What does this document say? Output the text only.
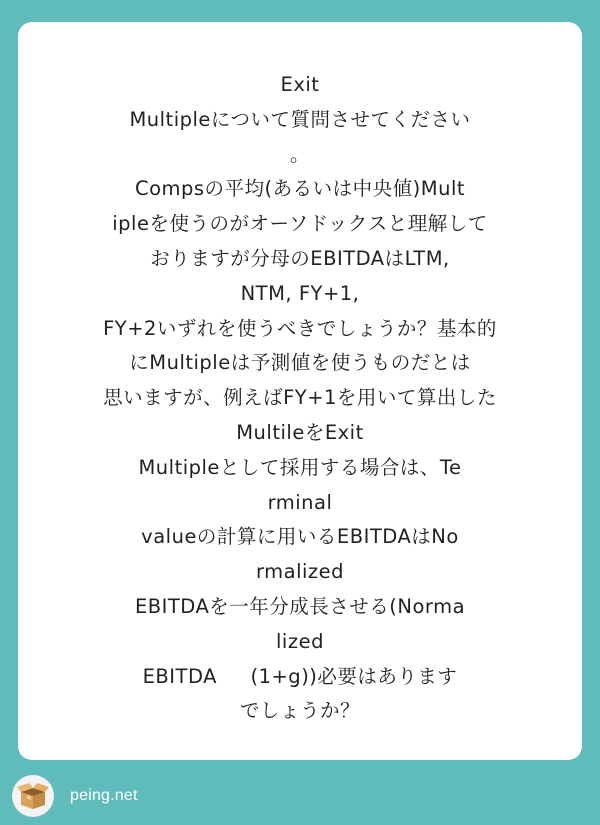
Exit
Multipleについて質問させてください
。
Compsの平均(あるいは中央値)Mult
ipleを使うのがオーソドックスと理解して
おりますが分母のEBITDAはLTM,
NTM, FY+1,
FY+2いずれを使うべきでしょうか？基本的
にMultipleは予測値を使うものだとは
思いますが、例えばFY+1を用いて算出した
MultileをExit
Multipleとして採用する場合は、Te
rminal
valueの計算に用いるEBITDAはNo
rmalized
EBITDAを一年分成長させる(Norma
lized
EBITDA     (1+g))必要はあります
でしょうか？
peing.net
